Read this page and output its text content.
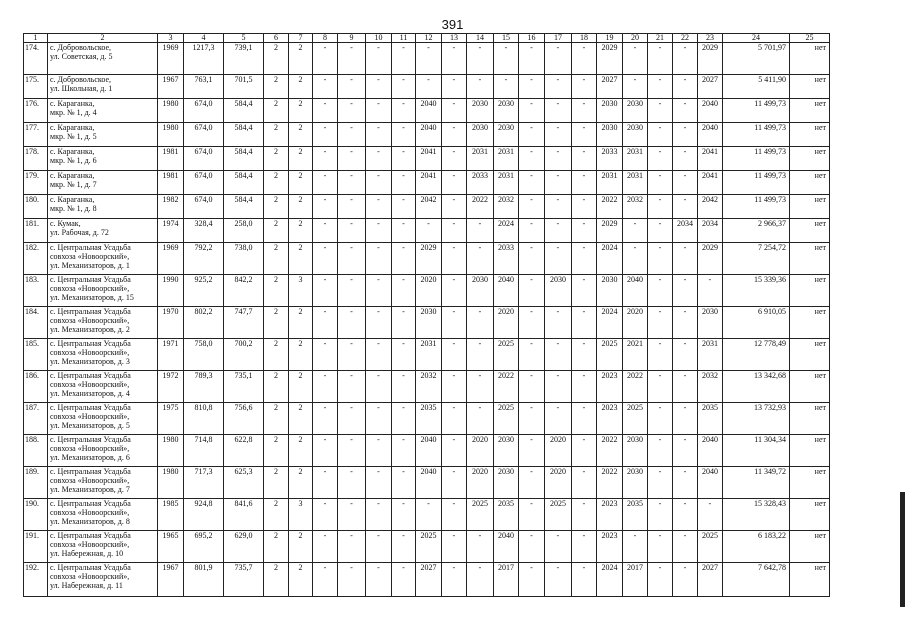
391
1	2	3	4	5	6	7	8	9	10	11	12	13	14	15	16	17	18	19	20	21	22	23	24	25
174.	с. Добровольское,
ул. Советская, д. 5	1969	1217,3	739,1	2	2	-	-	-	-	-	-	-	-	-	-	-	2029	-	-	-	2029	5 701,97	нет
175.	с. Добровольское,
ул. Школьная, д. 1	1967	763,1	701,5	2	2	-	-	-	-	-	-	-	-	-	-	-	2027	-	-	-	2027	5 411,90	нет
176.	с. Караганка,
мкр. № 1, д. 4	1980	674,0	584,4	2	2	-	-	-	-	2040	-	2030	2030	-	-	-	2030	2030	-	-	2040	11 499,73	нет
177.	с. Караганка,
мкр. № 1, д. 5	1980	674,0	584,4	2	2	-	-	-	-	2040	-	2030	2030	-	-	-	2030	2030	-	-	2040	11 499,73	нет
178.	с. Караганка,
мкр. № 1, д. 6	1981	674,0	584,4	2	2	-	-	-	-	2041	-	2031	2031	-	-	-	2033	2031	-	-	2041	11 499,73	нет
179.	с. Караганка,
мкр. № 1, д. 7	1981	674,0	584,4	2	2	-	-	-	-	2041	-	2033	2031	-	-	-	2031	2031	-	-	2041	11 499,73	нет
180.	с. Караганка,
мкр. № 1, д. 8	1982	674,0	584,4	2	2	-	-	-	-	2042	-	2022	2032	-	-	-	2022	2032	-	-	2042	11 499,73	нет
181.	с. Кумак,
ул. Рабочая, д. 72	1974	328,4	258,0	2	2	-	-	-	-	-	-	-	2024	-	-	-	2029	-	-	2034	2034	2 966,37	нет
182.	с. Центральная Усадьба
совхоза «Новоорский»,
ул. Механизаторов, д. 1	1969	792,2	738,0	2	2	-	-	-	-	2029	-	-	2033	-	-	-	2024	-	-	-	2029	7 254,72	нет
183.	с. Центральная Усадьба
совхоза «Новоорский»,
ул. Механизаторов, д. 15	1990	925,2	842,2	2	3	-	-	-	-	2020	-	2030	2040	-	2030	-	2030	2040	-	-	-	15 339,36	нет
184.	с. Центральная Усадьба
совхоза «Новоорский»,
ул. Механизаторов, д. 2	1970	802,2	747,7	2	2	-	-	-	-	2030	-	-	2020	-	-	-	2024	2020	-	-	2030	6 910,05	нет
185.	с. Центральная Усадьба
совхоза «Новоорский»,
ул. Механизаторов, д. 3	1971	758,0	700,2	2	2	-	-	-	-	2031	-	-	2025	-	-	-	2025	2021	-	-	2031	12 778,49	нет
186.	с. Центральная Усадьба
совхоза «Новоорский»,
ул. Механизаторов, д. 4	1972	789,3	735,1	2	2	-	-	-	-	2032	-	-	2022	-	-	-	2023	2022	-	-	2032	13 342,68	нет
187.	с. Центральная Усадьба
совхоза «Новоорский»,
ул. Механизаторов, д. 5	1975	810,8	756,6	2	2	-	-	-	-	2035	-	-	2025	-	-	-	2023	2025	-	-	2035	13 732,93	нет
188.	с. Центральная Усадьба
совхоза «Новоорский»,
ул. Механизаторов, д. 6	1980	714,8	622,8	2	2	-	-	-	-	2040	-	2020	2030	-	2020	-	2022	2030	-	-	2040	11 304,34	нет
189.	с. Центральная Усадьба
совхоза «Новоорский»,
ул. Механизаторов, д. 7	1980	717,3	625,3	2	2	-	-	-	-	2040	-	2020	2030	-	2020	-	2022	2030	-	-	2040	11 349,72	нет
190.	с. Центральная Усадьба
совхоза «Новоорский»,
ул. Механизаторов, д. 8	1985	924,8	841,6	2	3	-	-	-	-	-	-	2025	2035	-	2025	-	2023	2035	-	-	-	15 328,43	нет
191.	с. Центральная Усадьба
совхоза «Новоорский»,
ул. Набережная, д. 10	1965	695,2	629,0	2	2	-	-	-	-	2025	-	-	2040	-	-	-	2023	-	-	-	2025	6 183,22	нет
192.	с. Центральная Усадьба
совхоза «Новоорский»,
ул. Набережная, д. 11	1967	801,9	735,7	2	2	-	-	-	-	2027	-	-	2017	-	-	-	2024	2017	-	-	2027	7 642,78	нет
